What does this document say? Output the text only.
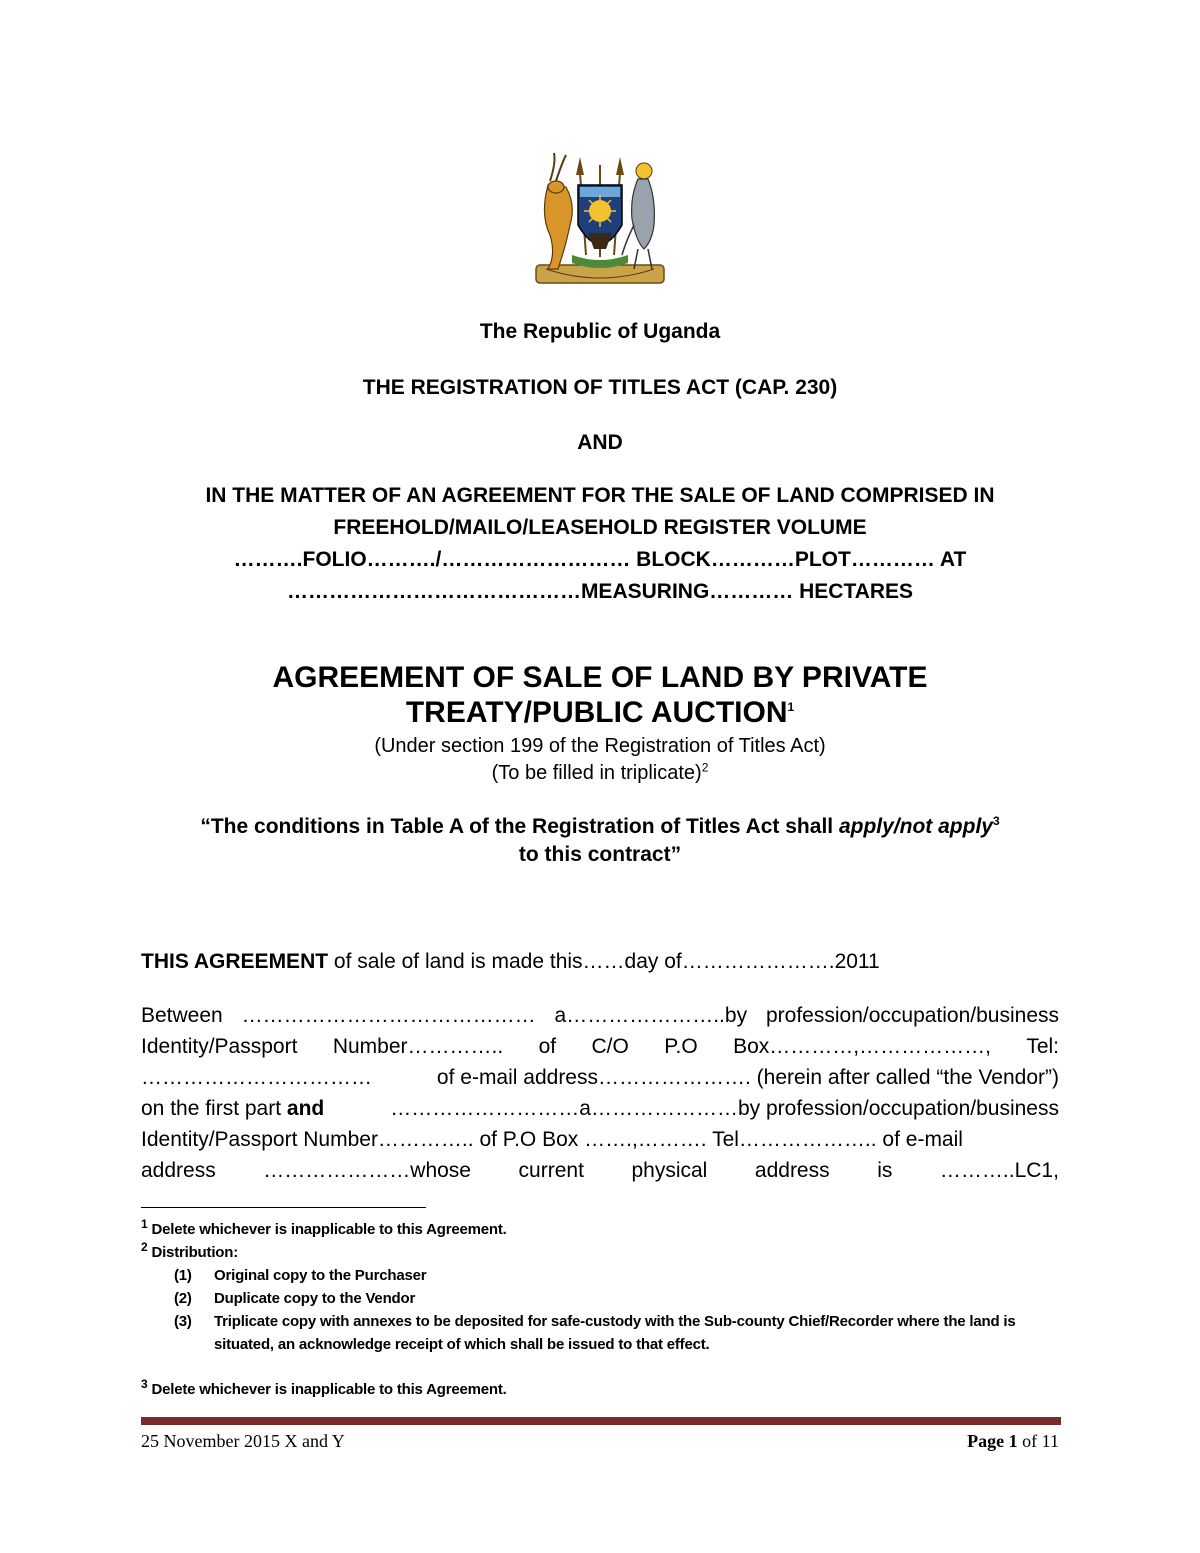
The Republic of Uganda
THE REGISTRATION OF TITLES ACT (CAP. 230)
AND
IN THE MATTER OF AN AGREEMENT FOR THE SALE OF LAND COMPRISED IN
FREEHOLD/MAILO/LEASEHOLD REGISTER VOLUME
……….FOLIO………./……………………… BLOCK…………PLOT………… AT
……………………………………MEASURING………… HECTARES
AGREEMENT OF SALE OF LAND BY PRIVATE
TREATY/PUBLIC AUCTION$^1$
(Under section 199 of the Registration of Titles Act)
(To be filled in triplicate)$^2$
“The conditions in Table A of the Registration of Titles Act shall apply/not apply$^3$
to this contract”
THIS AGREEMENT of sale of land is made this……day of………………….2011
Between …………………………………… a…………………..by profession/occupation/business
Identity/Passport Number………….. of C/O P.O Box…………,………………, Tel:
……………………………	of e-mail address…………………. (herein after called “the Vendor”)
on the first part and	………………………a…………………by profession/occupation/business
Identity/Passport Number………….. of P.O Box …….,………. Tel……………….. of e-mail
address …………………whose current physical address is ………..LC1,
$^1$ Delete whichever is inapplicable to this Agreement.
$^2$ Distribution:
(1)	Original copy to the Purchaser
(2)	Duplicate copy to the Vendor
(3)	Triplicate copy with annexes to be deposited for safe-custody with the Sub-county Chief/Recorder where the land is situated, an acknowledge receipt of which shall be issued to that effect.
$^3$ Delete whichever is inapplicable to this Agreement.
25 November 2015 X and Y	Page 1 of 11
